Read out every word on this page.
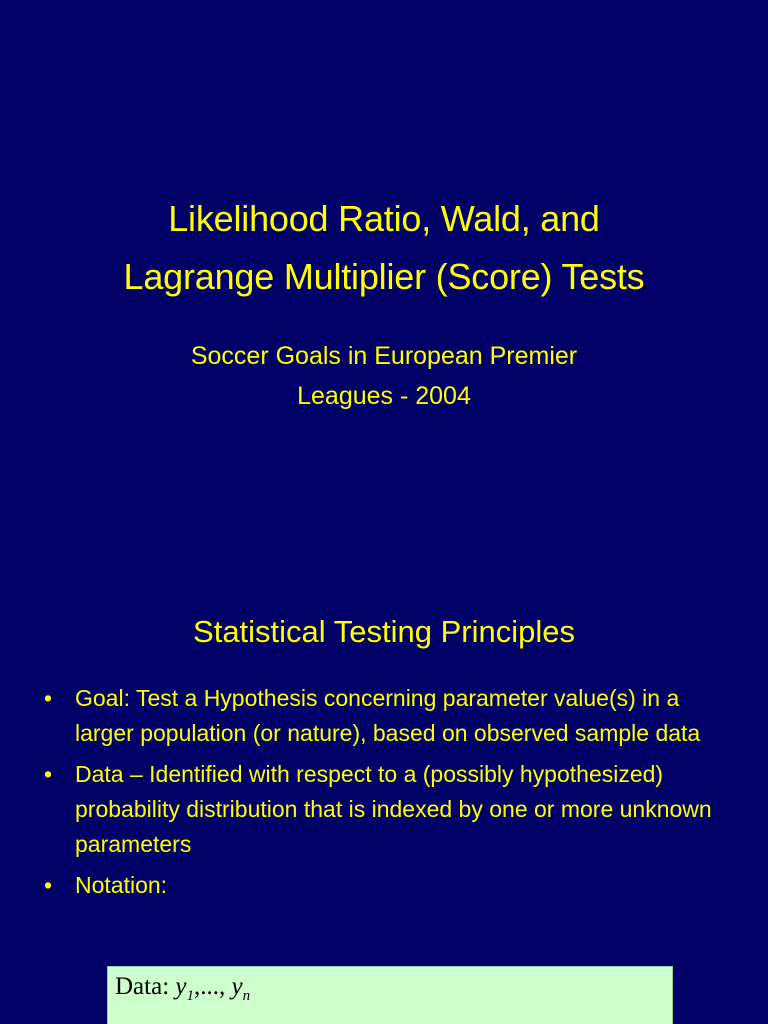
Likelihood Ratio, Wald, and
Lagrange Multiplier (Score) Tests
Soccer Goals in European Premier
Leagues - 2004
Statistical Testing Principles
• Goal: Test a Hypothesis concerning parameter value(s) in a larger population (or nature), based on observed sample data
• Data – Identified with respect to a (possibly hypothesized) probability distribution that is indexed by one or more unknown parameters
• Notation:
Data: $y_1$,..., $y_n$
